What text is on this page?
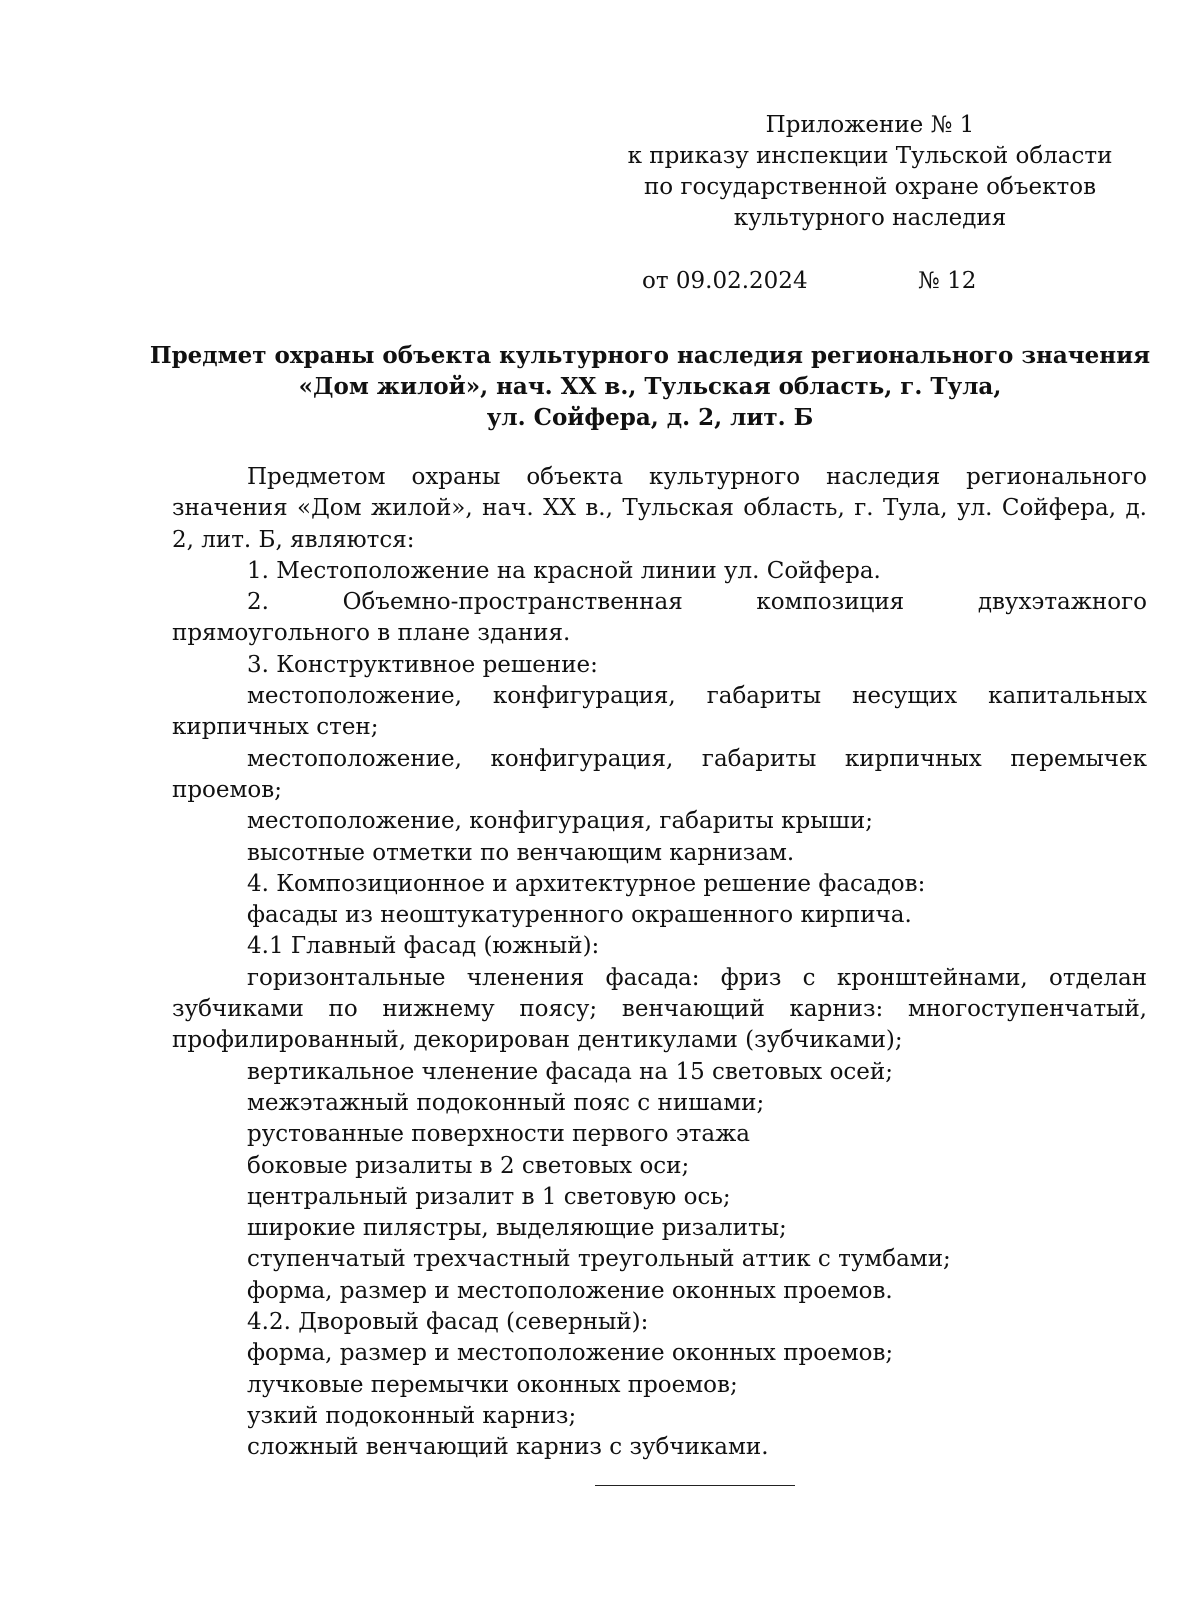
Приложение № 1
к приказу инспекции Тульской области
по государственной охране объектов
культурного наследия
от 09.02.2024	№ 12
Предмет охраны объекта культурного наследия регионального значения
«Дом жилой», нач. XX в., Тульская область, г. Тула,
ул. Сойфера, д. 2, лит. Б

Предметом охраны объекта культурного наследия регионального значения «Дом жилой», нач. XX в., Тульская область, г. Тула, ул. Сойфера, д. 2, лит. Б, являются:

1. Местоположение на красной линии ул. Сойфера.

2. Объемно-пространственная композиция двухэтажного прямоугольного в плане здания.

3. Конструктивное решение:

местоположение, конфигурация, габариты несущих капитальных кирпичных стен;

местоположение, конфигурация, габариты кирпичных перемычек проемов;

местоположение, конфигурация, габариты крыши;

высотные отметки по венчающим карнизам.

4. Композиционное и архитектурное решение фасадов:

фасады из неоштукатуренного окрашенного кирпича.

4.1 Главный фасад (южный):

горизонтальные членения фасада: фриз с кронштейнами, отделан зубчиками по нижнему поясу; венчающий карниз: многоступенчатый, профилированный, декорирован дентикулами (зубчиками);

вертикальное членение фасада на 15 световых осей;

межэтажный подоконный пояс с нишами;

рустованные поверхности первого этажа

боковые ризалиты в 2 световых оси;

центральный ризалит в 1 световую ось;

широкие пилястры, выделяющие ризалиты;

ступенчатый трехчастный треугольный аттик с тумбами;

форма, размер и местоположение оконных проемов.

4.2. Дворовый фасад (северный):

форма, размер и местоположение оконных проемов;

лучковые перемычки оконных проемов;

узкий подоконный карниз;

сложный венчающий карниз с зубчиками.
